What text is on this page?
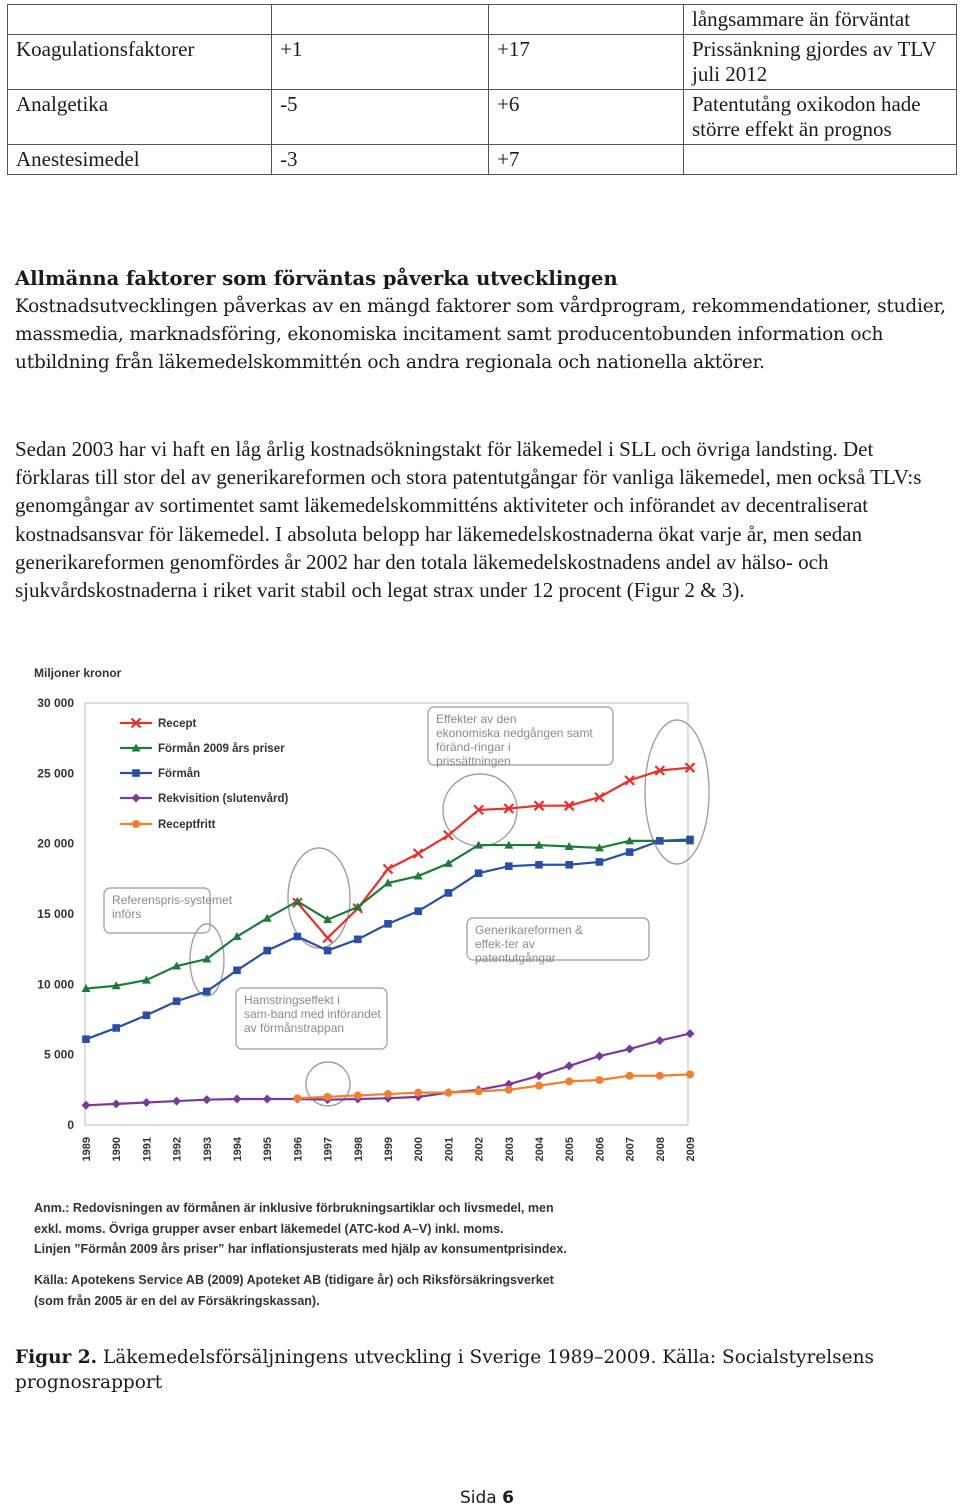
			långsammare än förväntat
Koagulationsfaktorer	+1	+17	Prissänkning gjordes av TLV juli 2012
Analgetika	-5	+6	Patentutång oxikodon hade större effekt än prognos
Anestesimedel	-3	+7	
Allmänna faktorer som förväntas påverka utvecklingen

Kostnadsutvecklingen påverkas av en mängd faktorer som vårdprogram, rekommendationer, studier, massmedia, marknadsföring, ekonomiska incitament samt producentobunden information och utbildning från läkemedelskommittén och andra regionala och nationella aktörer.

Sedan 2003 har vi haft en låg årlig kostnadsökningstakt för läkemedel i SLL och övriga landsting. Det förklaras till stor del av generikareformen och stora patentutgångar för vanliga läkemedel, men också TLV:s genomgångar av sortimentet samt läkemedelskommitténs aktiviteter och införandet av decentraliserat kostnadsansvar för läkemedel. I absoluta belopp har läkemedelskostnaderna ökat varje år, men sedan generikareformen genomfördes år 2002 har den totala läkemedelskostnadens andel av hälso- och sjukvårdskostnaderna i riket varit stabil och legat strax under 12 procent (Figur 2 & 3).

Miljoner kronor
0
5 000
10 000
15 000
20 000
25 000
30 000
1989 1990 1991 1992 1993 1994 1995 1996 1997 1998 1999 2000 2001 2002 2003 2004 2005 2006 2007 2008 2009
Effekter av den ekonomiska nedgången samt föränd-ringar i prissättningen
Referenspris-systemet införs
Generikareformen & effek-ter av patentutgångar
Hamstringseffekt i sam-band med införandet av förmånstrappan
Recept
Förmån 2009 års priser
Förmån
Rekvisition (slutenvård)
Receptfritt
Anm.: Redovisningen av förmånen är inklusive förbrukningsartiklar och livsmedel, men
exkl. moms. Övriga grupper avser enbart läkemedel (ATC-kod A–V) inkl. moms.
Linjen ”Förmån 2009 års priser” har inflationsjusterats med hjälp av konsumentprisindex.
Källa: Apotekens Service AB (2009) Apoteket AB (tidigare år) och Riksförsäkringsverket
(som från 2005 är en del av Försäkringskassan).

Figur 2. Läkemedelsförsäljningens utveckling i Sverige 1989–2009. Källa: Socialstyrelsens prognosrapport

Sida 6
